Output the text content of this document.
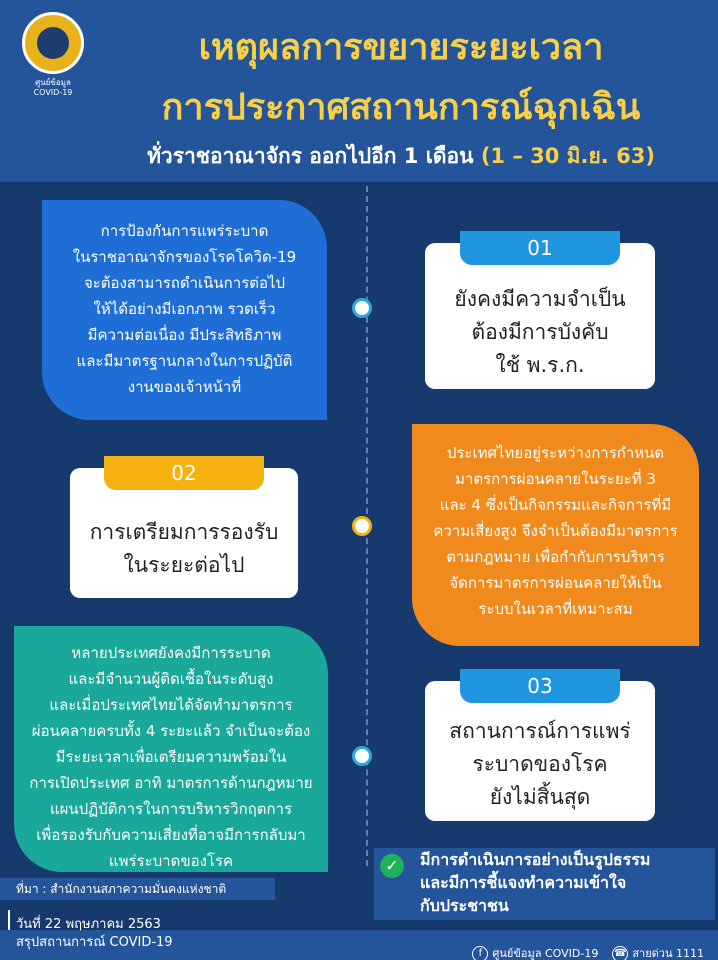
ศูนย์ข้อมูล
COVID-19
เหตุผลการขยายระยะเวลา
การประกาศสถานการณ์ฉุกเฉิน
ทั่วราชอาณาจักร ออกไปอีก 1 เดือน (1 – 30 มิ.ย. 63)
การป้องกันการแพร่ระบาด
ในราชอาณาจักรของโรคโควิด-19
จะต้องสามารถดำเนินการต่อไป
ให้ได้อย่างมีเอกภาพ รวดเร็ว
มีความต่อเนื่อง มีประสิทธิภาพ
และมีมาตรฐานกลางในการปฏิบัติ
งานของเจ้าหน้าที่
ประเทศไทยอยู่ระหว่างการกำหนด
มาตรการผ่อนคลายในระยะที่ 3
และ 4 ซึ่งเป็นกิจกรรมและกิจการที่มี
ความเสี่ยงสูง จึงจำเป็นต้องมีมาตรการ
ตามกฎหมาย เพื่อกำกับการบริหาร
จัดการมาตรการผ่อนคลายให้เป็น
ระบบในเวลาที่เหมาะสม
หลายประเทศยังคงมีการระบาด
และมีจำนวนผู้ติดเชื้อในระดับสูง
และเมื่อประเทศไทยได้จัดทำมาตรการ
ผ่อนคลายครบทั้ง 4 ระยะแล้ว จำเป็นจะต้อง
มีระยะเวลาเพื่อเตรียมความพร้อมใน
การเปิดประเทศ อาทิ มาตรการด้านกฎหมาย
แผนปฏิบัติการในการบริหารวิกฤตการ
เพื่อรองรับกับความเสี่ยงที่อาจมีการกลับมา
แพร่ระบาดของโรค
01
ยังคงมีความจำเป็น
ต้องมีการบังคับ
ใช้ พ.ร.ก.
02
การเตรียมการรองรับ
ในระยะต่อไป
03
สถานการณ์การแพร่
ระบาดของโรค
ยังไม่สิ้นสุด
✓	มีการดำเนินการอย่างเป็นรูปธรรม
และมีการชี้แจงทำความเข้าใจ
กับประชาชน
ที่มา : สำนักงานสภาความมั่นคงแห่งชาติ
วันที่ 22 พฤษภาคม 2563
สรุปสถานการณ์ COVID-19
f ศูนย์ข้อมูล COVID-19 ☎ สายด่วน 1111
